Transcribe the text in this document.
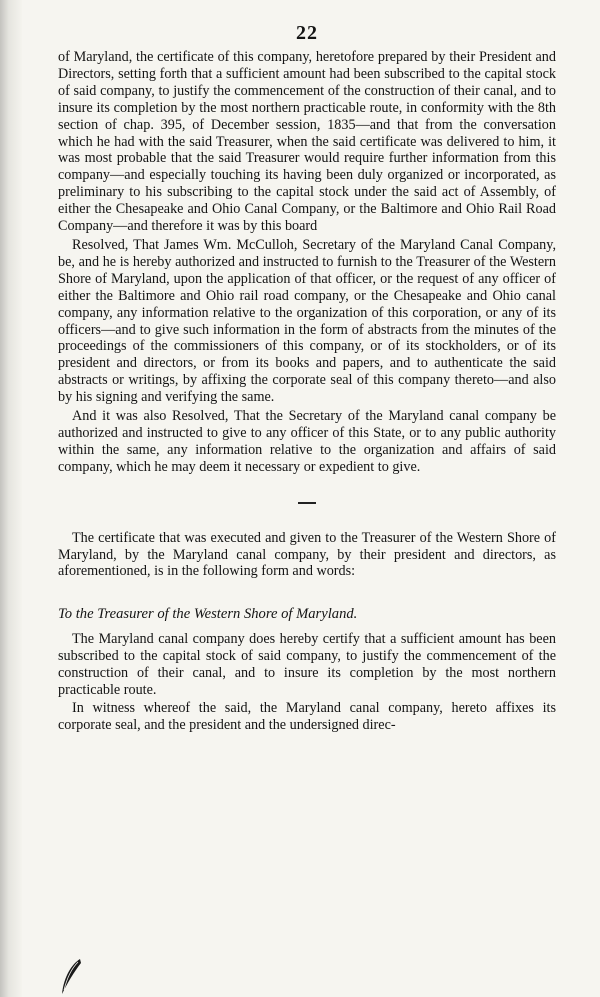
22

of Maryland, the certificate of this company, heretofore prepared by their President and Directors, setting forth that a sufficient amount had been subscribed to the capital stock of said company, to justify the commencement of the construction of their canal, and to insure its completion by the most northern practicable route, in conformity with the 8th section of chap. 395, of December session, 1835—and that from the conversation which he had with the said Treasurer, when the said certificate was delivered to him, it was most probable that the said Treasurer would require further information from this company—and especially touching its having been duly organized or incorporated, as preliminary to his subscribing to the capital stock under the said act of Assembly, of either the Chesapeake and Ohio Canal Company, or the Baltimore and Ohio Rail Road Company—and therefore it was by this board

Resolved, That James Wm. McCulloh, Secretary of the Maryland Canal Company, be, and he is hereby authorized and instructed to furnish to the Treasurer of the Western Shore of Maryland, upon the application of that officer, or the request of any officer of either the Baltimore and Ohio rail road company, or the Chesapeake and Ohio canal company, any information relative to the organization of this corporation, or any of its officers—and to give such information in the form of abstracts from the minutes of the proceedings of the commissioners of this company, or of its stockholders, or of its president and directors, or from its books and papers, and to authenticate the said abstracts or writings, by affixing the corporate seal of this company thereto—and also by his signing and verifying the same.

And it was also Resolved, That the Secretary of the Maryland canal company be authorized and instructed to give to any officer of this State, or to any public authority within the same, any information relative to the organization and affairs of said company, which he may deem it necessary or expedient to give.

The certificate that was executed and given to the Treasurer of the Western Shore of Maryland, by the Maryland canal company, by their president and directors, as aforementioned, is in the following form and words:

To the Treasurer of the Western Shore of Maryland.

The Maryland canal company does hereby certify that a sufficient amount has been subscribed to the capital stock of said company, to justify the commencement of the construction of their canal, and to insure its completion by the most northern practicable route.

In witness whereof the said, the Maryland canal company, hereto affixes its corporate seal, and the president and the undersigned direc-
